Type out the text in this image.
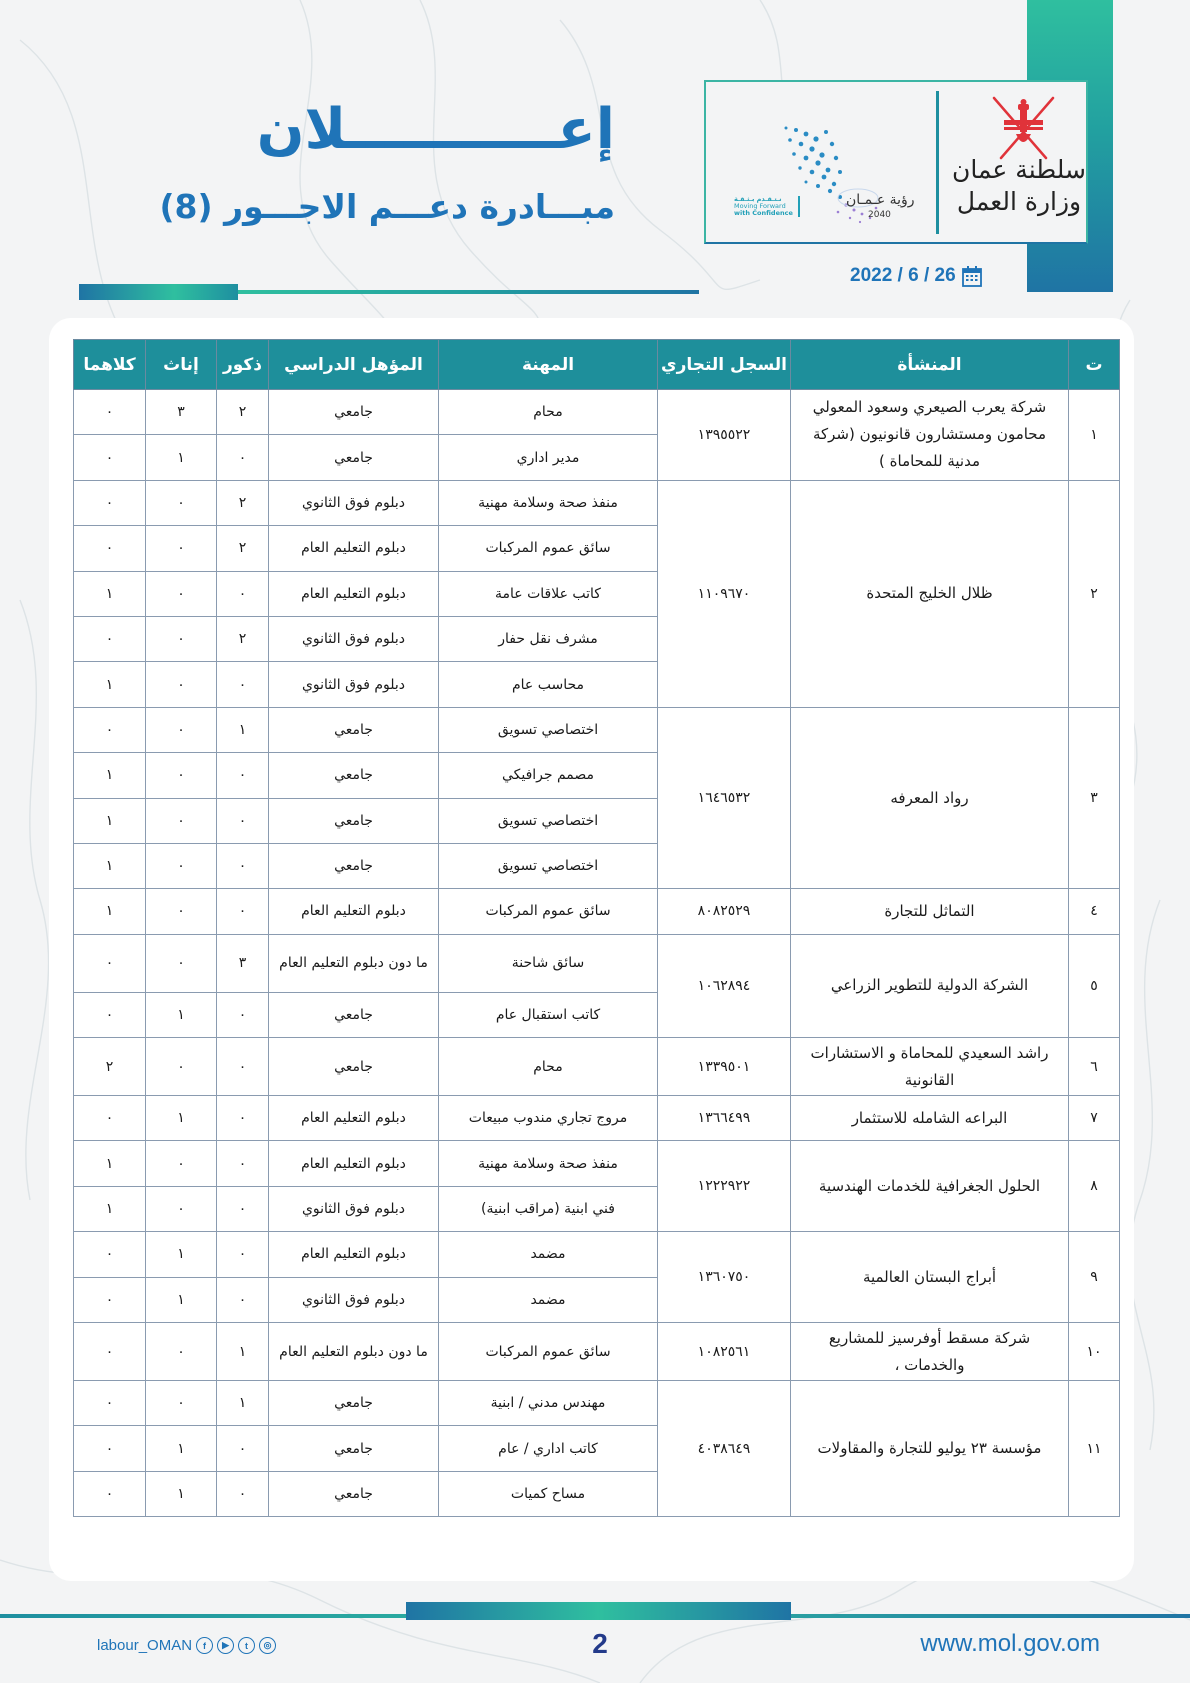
سلطنة عمان
وزارة العمل
رؤية عـمـان
2040
نـتـقـدم بـثـقـة
Moving Forward
with Confidence
2022 / 6 / 26
إعـــــــــــلان
مبـــادرة دعـــم الاجـــور (8)
ت	المنشأة	السجل التجاري	المهنة	المؤهل الدراسي	ذكور	إناث	كلاهما
١	شركة يعرب الصيعري وسعود المعولي محامون ومستشارون قانونيون (شركة مدنية للمحاماة )	١٣٩٥٥٢٢	محام	جامعي	٢	٣	٠
			مدير اداري	جامعي	٠	١	٠
٢	ظلال الخليج المتحدة	١١٠٩٦٧٠	منفذ صحة وسلامة مهنية	دبلوم فوق الثانوي	٢	٠	٠
			سائق عموم المركبات	دبلوم التعليم العام	٢	٠	٠
			كاتب علاقات عامة	دبلوم التعليم العام	٠	٠	١
			مشرف نقل حفار	دبلوم فوق الثانوي	٢	٠	٠
			محاسب عام	دبلوم فوق الثانوي	٠	٠	١
٣	رواد المعرفه	١٦٤٦٥٣٢	اختصاصي تسويق	جامعي	١	٠	٠
			مصمم جرافيكي	جامعي	٠	٠	١
			اختصاصي تسويق	جامعي	٠	٠	١
			اختصاصي تسويق	جامعي	٠	٠	١
٤	التماثل للتجارة	٨٠٨٢٥٢٩	سائق عموم المركبات	دبلوم التعليم العام	٠	٠	١
٥	الشركة الدولية للتطوير الزراعي	١٠٦٢٨٩٤	سائق شاحنة	ما دون دبلوم التعليم العام	٣	٠	٠
			كاتب استقبال عام	جامعي	٠	١	٠
٦	راشد السعيدي للمحاماة و الاستشارات القانونية	١٣٣٩٥٠١	محام	جامعي	٠	٠	٢
٧	البراعه الشامله للاستثمار	١٣٦٦٤٩٩	مروج تجاري مندوب مبيعات	دبلوم التعليم العام	٠	١	٠
٨	الحلول الجغرافية للخدمات الهندسية	١٢٢٢٩٢٢	منفذ صحة وسلامة مهنية	دبلوم التعليم العام	٠	٠	١
			فني ابنية (مراقب ابنية)	دبلوم فوق الثانوي	٠	٠	١
٩	أبراج البستان العالمية	١٣٦٠٧٥٠	مضمد	دبلوم التعليم العام	٠	١	٠
			مضمد	دبلوم فوق الثانوي	٠	١	٠
١٠	شركة مسقط أوفرسيز للمشاريع والخدمات ،	١٠٨٢٥٦١	سائق عموم المركبات	ما دون دبلوم التعليم العام	١	٠	٠
١١	مؤسسة ٢٣ يوليو للتجارة والمقاولات	٤٠٣٨٦٤٩	مهندس مدني / ابنية	جامعي	١	٠	٠
			كاتب اداري / عام	جامعي	٠	١	٠
			مساح كميات	جامعي	٠	١	٠
labour_OMAN	f	▶	t	◎	2	www.mol.gov.om
